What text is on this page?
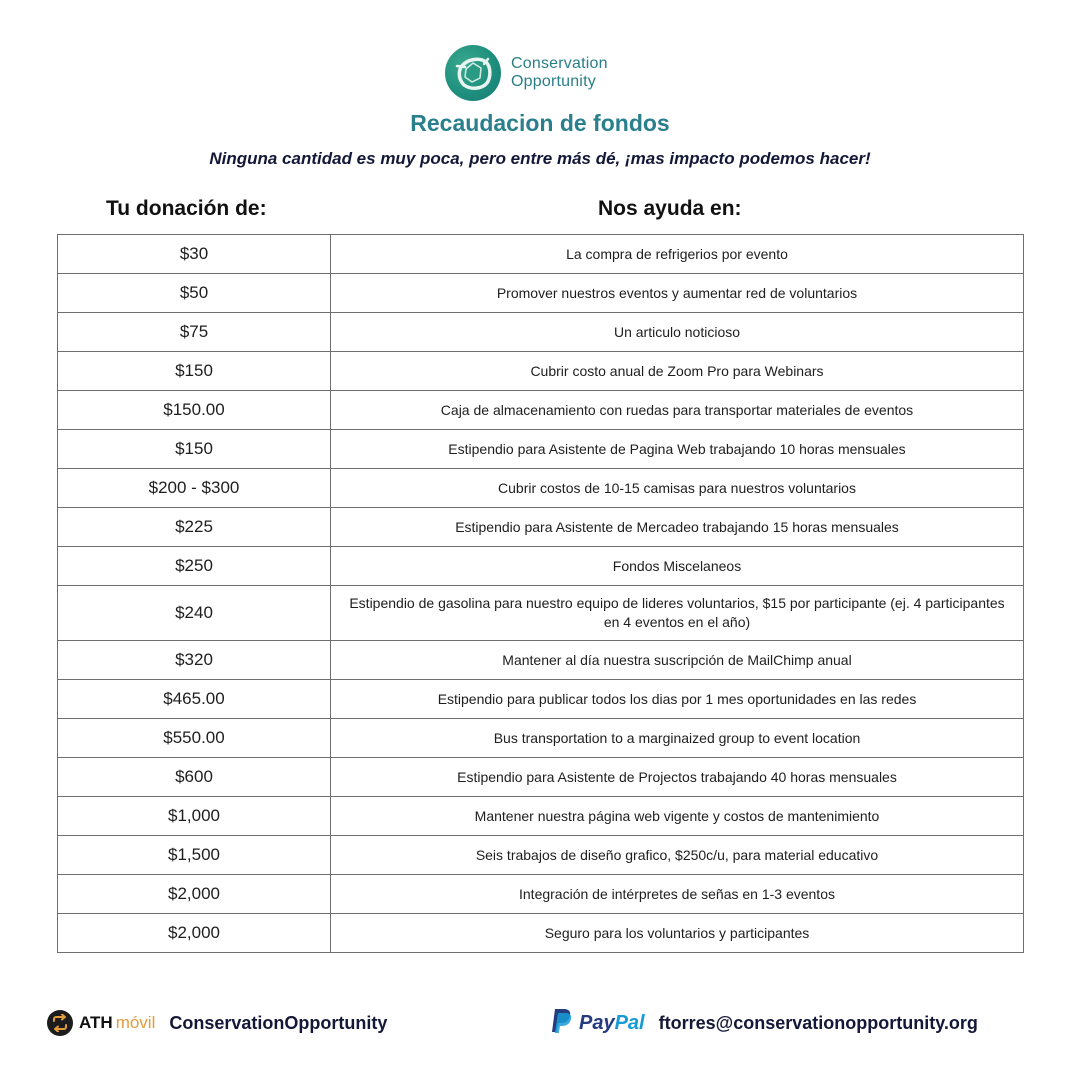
Conservation
Opportunity
Recaudacion de fondos
Ninguna cantidad es muy poca, pero entre más dé, ¡mas impacto podemos hacer!
Tu donación de:	Nos ayuda en:
$30	La compra de refrigerios por evento
$50	Promover nuestros eventos y aumentar red de voluntarios
$75	Un articulo noticioso
$150	Cubrir costo anual de Zoom Pro para Webinars
$150.00	Caja de almacenamiento con ruedas para transportar materiales de eventos
$150	Estipendio para Asistente de Pagina Web trabajando 10 horas mensuales
$200 - $300	Cubrir costos de 10-15 camisas para nuestros voluntarios
$225	Estipendio para Asistente de Mercadeo trabajando 15 horas mensuales
$250	Fondos Miscelaneos
$240	Estipendio de gasolina para nuestro equipo de lideres voluntarios, $15 por participante (ej. 4 participantes en 4 eventos en el año)
$320	Mantener al día nuestra suscripción de MailChimp anual
$465.00	Estipendio para publicar todos los dias por 1 mes oportunidades en las redes
$550.00	Bus transportation to a marginaized group to event location
$600	Estipendio para Asistente de Projectos trabajando 40 horas mensuales
$1,000	Mantener nuestra página web vigente y costos de mantenimiento
$1,500	Seis trabajos de diseño grafico, $250c/u, para material educativo
$2,000	Integración de intérpretes de señas en 1-3 eventos
$2,000	Seguro para los voluntarios y participantes
ATH móvil ConservationOpportunity	PayPal ftorres@conservationopportunity.org
